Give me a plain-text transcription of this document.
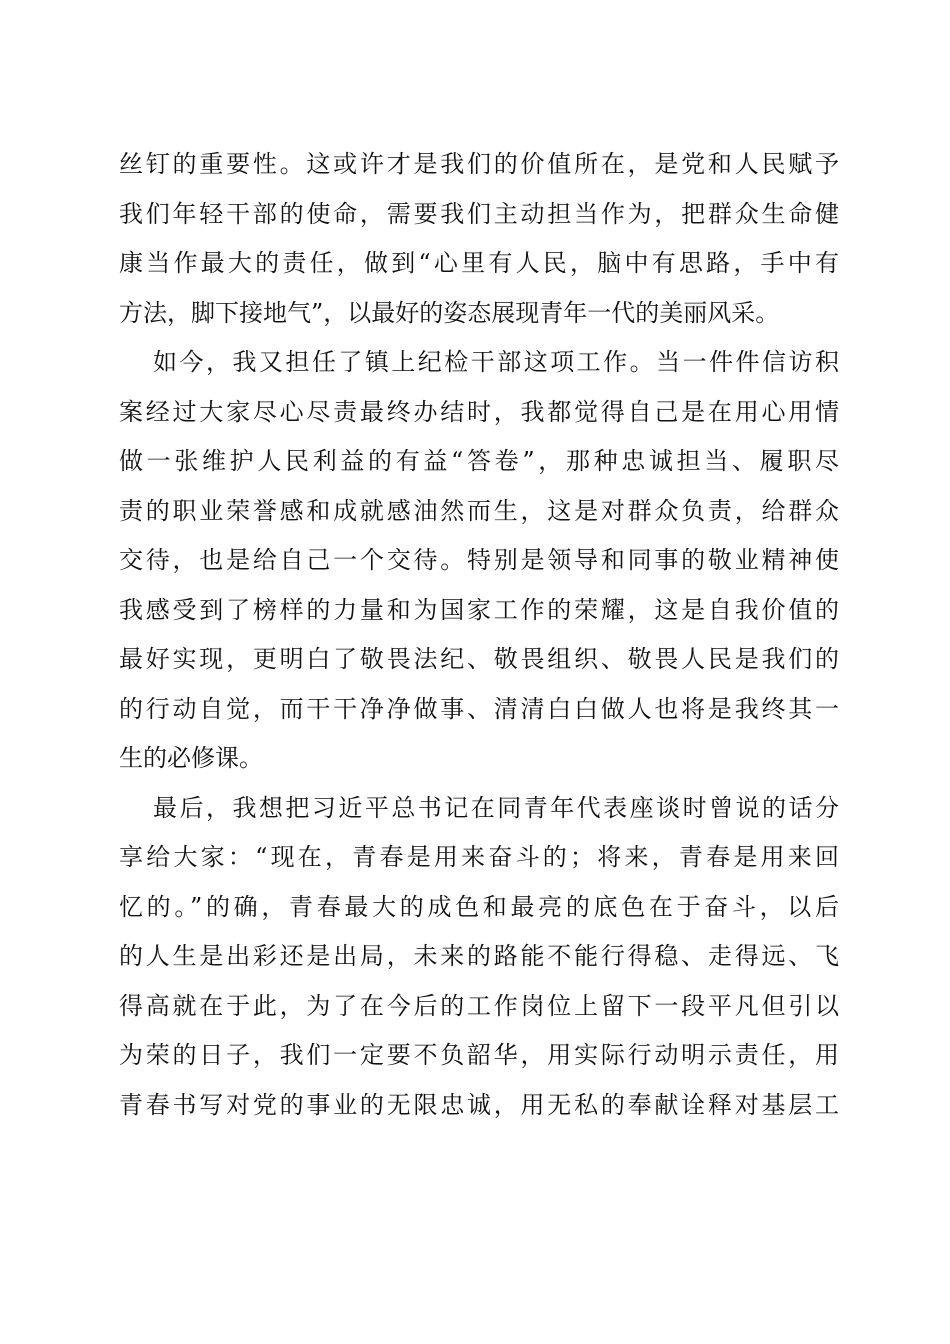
丝钉的重要性。这或许才是我们的价值所在，是党和人民赋予
我们年轻干部的使命，需要我们主动担当作为，把群众生命健
康当作最大的责任，做到“心里有人民，脑中有思路，手中有
方法，脚下接地气”，以最好的姿态展现青年一代的美丽风采。
如今，我又担任了镇上纪检干部这项工作。当一件件信访积
案经过大家尽心尽责最终办结时，我都觉得自己是在用心用情
做一张维护人民利益的有益“答卷”，那种忠诚担当、履职尽
责的职业荣誉感和成就感油然而生，这是对群众负责，给群众
交待，也是给自己一个交待。特别是领导和同事的敬业精神使
我感受到了榜样的力量和为国家工作的荣耀，这是自我价值的
最好实现，更明白了敬畏法纪、敬畏组织、敬畏人民是我们的
的行动自觉，而干干净净做事、清清白白做人也将是我终其一
生的必修课。
最后，我想把习近平总书记在同青年代表座谈时曾说的话分
享给大家：“现在，青春是用来奋斗的；将来，青春是用来回
忆的。”的确，青春最大的成色和最亮的底色在于奋斗，以后
的人生是出彩还是出局，未来的路能不能行得稳、走得远、飞
得高就在于此，为了在今后的工作岗位上留下一段平凡但引以
为荣的日子，我们一定要不负韶华，用实际行动明示责任，用
青春书写对党的事业的无限忠诚，用无私的奉献诠释对基层工
